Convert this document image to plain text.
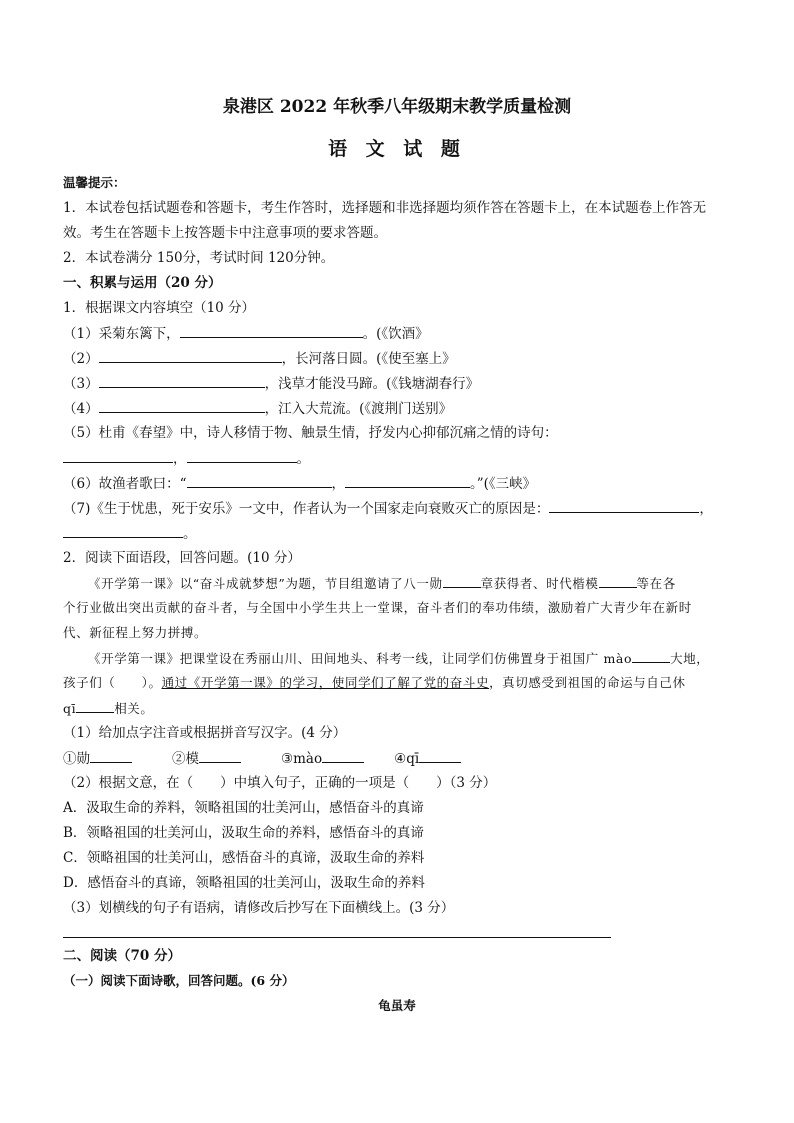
泉港区 2022 年秋季八年级期末教学质量检测
语 文 试 题
温馨提示：
1．本试卷包括试题卷和答题卡，考生作答时，选择题和非选择题均须作答在答题卡上，在本试题卷上作答无
效。考生在答题卡上按答题卡中注意事项的要求答题。
2．本试卷满分 150分，考试时间 120分钟。
一、积累与运用（20 分）
1．根据课文内容填空（10 分）
（1）采菊东篱下，	。(《饮酒》
（2）	，长河落日圆。(《使至塞上》
（3）	，浅草才能没马蹄。(《钱塘湖春行》
（4）	，江入大荒流。(《渡荆门送别》
（5）杜甫《春望》中，诗人移情于物、触景生情，抒发内心抑郁沉痛之情的诗句：
，	。
（6）故渔者歌曰：“	，	。”(《三峡》
（7)《生于忧患，死于安乐》一文中，作者认为一个国家走向衰败灭亡的原因是：	，
。
2．阅读下面语段，回答问题。(10 分）
《开学第一课》以“奋斗成就梦想”为题，节目组邀请了八一勋	章获得者、时代楷模	等在各
个行业做出突出贡献的奋斗者，与全国中小学生共上一堂课，奋斗者们的奉功伟绩，激励着广大青少年在新时
代、新征程上努力拼搏。
《开学第一课》把课堂设在秀丽山川、田间地头、科考一线，让同学们仿佛置身于祖国广 mào	大地，
孩子们（　　）。通过《开学第一课》的学习，使同学们了解了党的奋斗史，真切感受到祖国的命运与自己休
qī	相关。
（1）给加点字注音或根据拼音写汉字。(4 分）
①勋	②模	③mào	④qī
（2）根据文意，在（　　）中填入句子，正确的一项是（　　）（3 分）
A．汲取生命的养料，领略祖国的壮美河山，感悟奋斗的真谛
B．领略祖国的壮美河山，汲取生命的养料，感悟奋斗的真谛
C．领略祖国的壮美河山，感悟奋斗的真谛，汲取生命的养料
D．感悟奋斗的真谛，领略祖国的壮美河山，汲取生命的养料
（3）划横线的句子有语病，请修改后抄写在下面横线上。(3 分）
二、阅读（70 分）
（一）阅读下面诗歌，回答问题。(6 分）
龟虽寿
